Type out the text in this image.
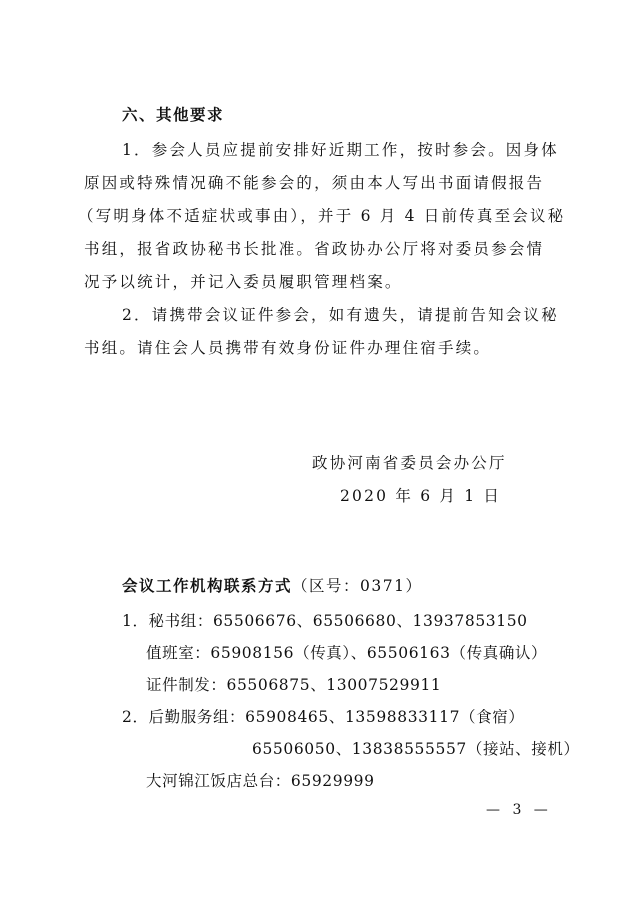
六、其他要求
1．参会人员应提前安排好近期工作，按时参会。因身体
原因或特殊情况确不能参会的，须由本人写出书面请假报告
（写明身体不适症状或事由），并于 6 月 4 日前传真至会议秘
书组，报省政协秘书长批准。省政协办公厅将对委员参会情
况予以统计，并记入委员履职管理档案。
2．请携带会议证件参会，如有遗失，请提前告知会议秘
书组。请住会人员携带有效身份证件办理住宿手续。
政协河南省委员会办公厅
2020 年 6 月 1 日
会议工作机构联系方式（区号：0371）
1．秘书组：65506676、65506680、13937853150
值班室：65908156（传真）、65506163（传真确认）
证件制发：65506875、13007529911
2．后勤服务组：65908465、13598833117（食宿）
65506050、13838555557（接站、接机）
大河锦江饭店总台：65929999
— 3 —
